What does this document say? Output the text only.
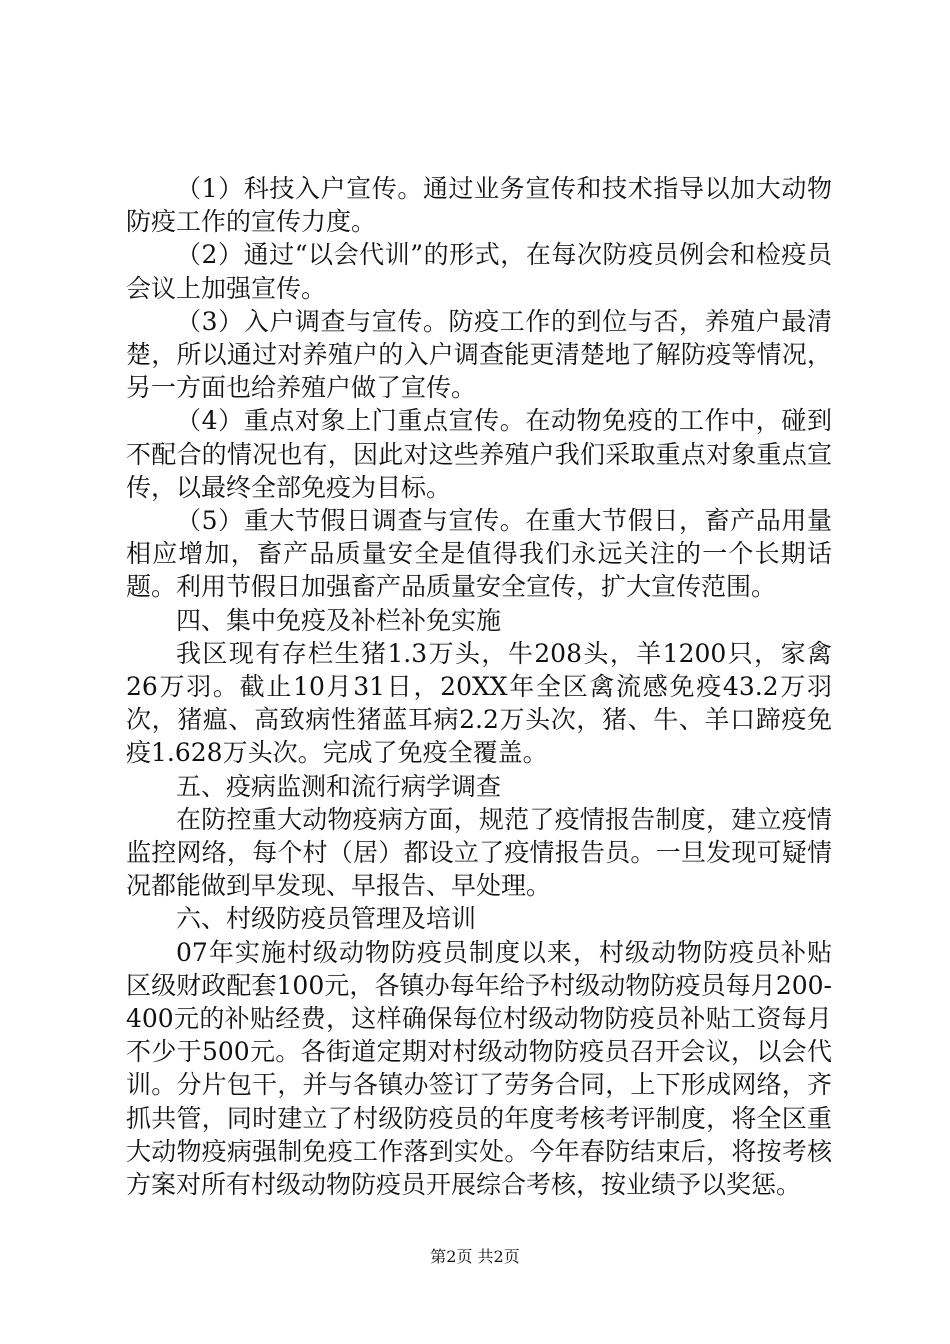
（1）科技入户宣传。通过业务宣传和技术指导以加大动物防疫工作的宣传力度。

（2）通过“以会代训”的形式，在每次防疫员例会和检疫员会议上加强宣传。

（3）入户调查与宣传。防疫工作的到位与否，养殖户最清楚，所以通过对养殖户的入户调查能更清楚地了解防疫等情况，另一方面也给养殖户做了宣传。

（4）重点对象上门重点宣传。在动物免疫的工作中，碰到不配合的情况也有，因此对这些养殖户我们采取重点对象重点宣传，以最终全部免疫为目标。

（5）重大节假日调查与宣传。在重大节假日，畜产品用量相应增加，畜产品质量安全是值得我们永远关注的一个长期话题。利用节假日加强畜产品质量安全宣传，扩大宣传范围。

四、集中免疫及补栏补免实施

我区现有存栏生猪1.3万头，牛208头，羊1200只，家禽26万羽。截止10月31日，20XX年全区禽流感免疫43.2万羽次，猪瘟、高致病性猪蓝耳病2.2万头次，猪、牛、羊口蹄疫免疫1.628万头次。完成了免疫全覆盖。

五、疫病监测和流行病学调查

在防控重大动物疫病方面，规范了疫情报告制度，建立疫情监控网络，每个村（居）都设立了疫情报告员。一旦发现可疑情况都能做到早发现、早报告、早处理。

六、村级防疫员管理及培训

07年实施村级动物防疫员制度以来，村级动物防疫员补贴区级财政配套100元，各镇办每年给予村级动物防疫员每月200-400元的补贴经费，这样确保每位村级动物防疫员补贴工资每月不少于500元。各街道定期对村级动物防疫员召开会议，以会代训。分片包干，并与各镇办签订了劳务合同，上下形成网络，齐抓共管，同时建立了村级防疫员的年度考核考评制度，将全区重大动物疫病强制免疫工作落到实处。今年春防结束后，将按考核方案对所有村级动物防疫员开展综合考核，按业绩予以奖惩。

第2页 共2页
